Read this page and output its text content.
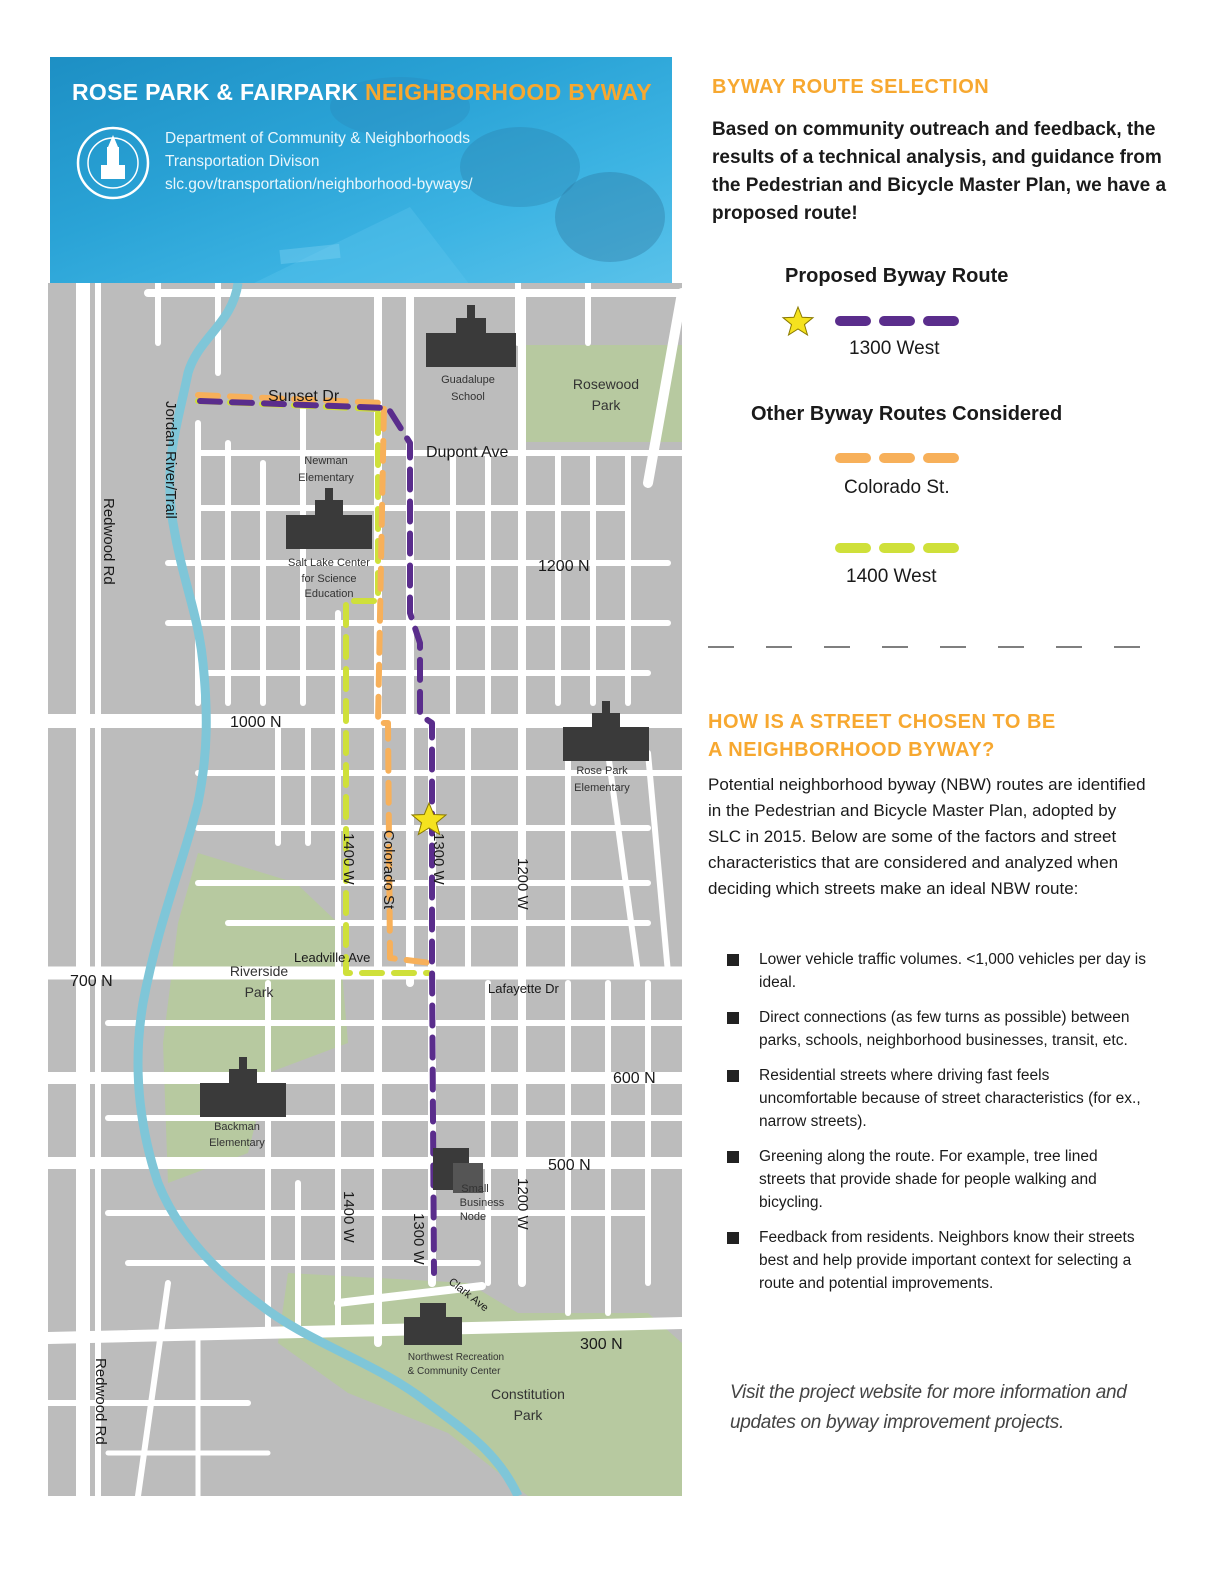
ROSE PARK & FAIRPARK NEIGHBORHOOD BYWAY
Department of Community & Neighborhoods
Transportation Divison
slc.gov/transportation/neighborhood-byways/
Sunset Dr
Dupont Ave
1200 N
1000 N
700 N
600 N
500 N
300 N
Redwood Rd
Redwood Rd
Jordan River/Trail
1400 W
1400 W
Colorado St 1300 W
1300 W
1200 W
1200 W
Leadville Ave
Lafayette Dr
Clark Ave
Guadalupe
School
Rosewood
Park
Newman
Elementary
Salt Lake Center
for Science
Education
Rose Park
Elementary
Riverside
Park
Backman
Elementary
Small
Business
Node
Northwest Recreation
& Community Center
Constitution
Park
BYWAY ROUTE SELECTION
Based on community outreach and feedback, the results of a technical analysis, and guidance from the Pedestrian and Bicycle Master Plan, we have a proposed route!
Proposed Byway Route
1300 West
Other Byway Routes Considered
Colorado St.
1400 West
HOW IS A STREET CHOSEN TO BE
A NEIGHBORHOOD BYWAY?
Potential neighborhood byway (NBW) routes are identified in the Pedestrian and Bicycle Master Plan, adopted by SLC in 2015. Below are some of the factors and street characteristics that are considered and analyzed when deciding which streets make an ideal NBW route:
Lower vehicle traffic volumes. <1,000 vehicles per day is ideal.
Direct connections (as few turns as possible) between parks, schools, neighborhood businesses, transit, etc.
Residential streets where driving fast feels uncomfortable because of street characteristics (for ex., narrow streets).
Greening along the route. For example, tree lined streets that provide shade for people walking and bicycling.
Feedback from residents. Neighbors know their streets best and help provide important context for selecting a route and potential improvements.
Visit the project website for more information and updates on byway improvement projects.
